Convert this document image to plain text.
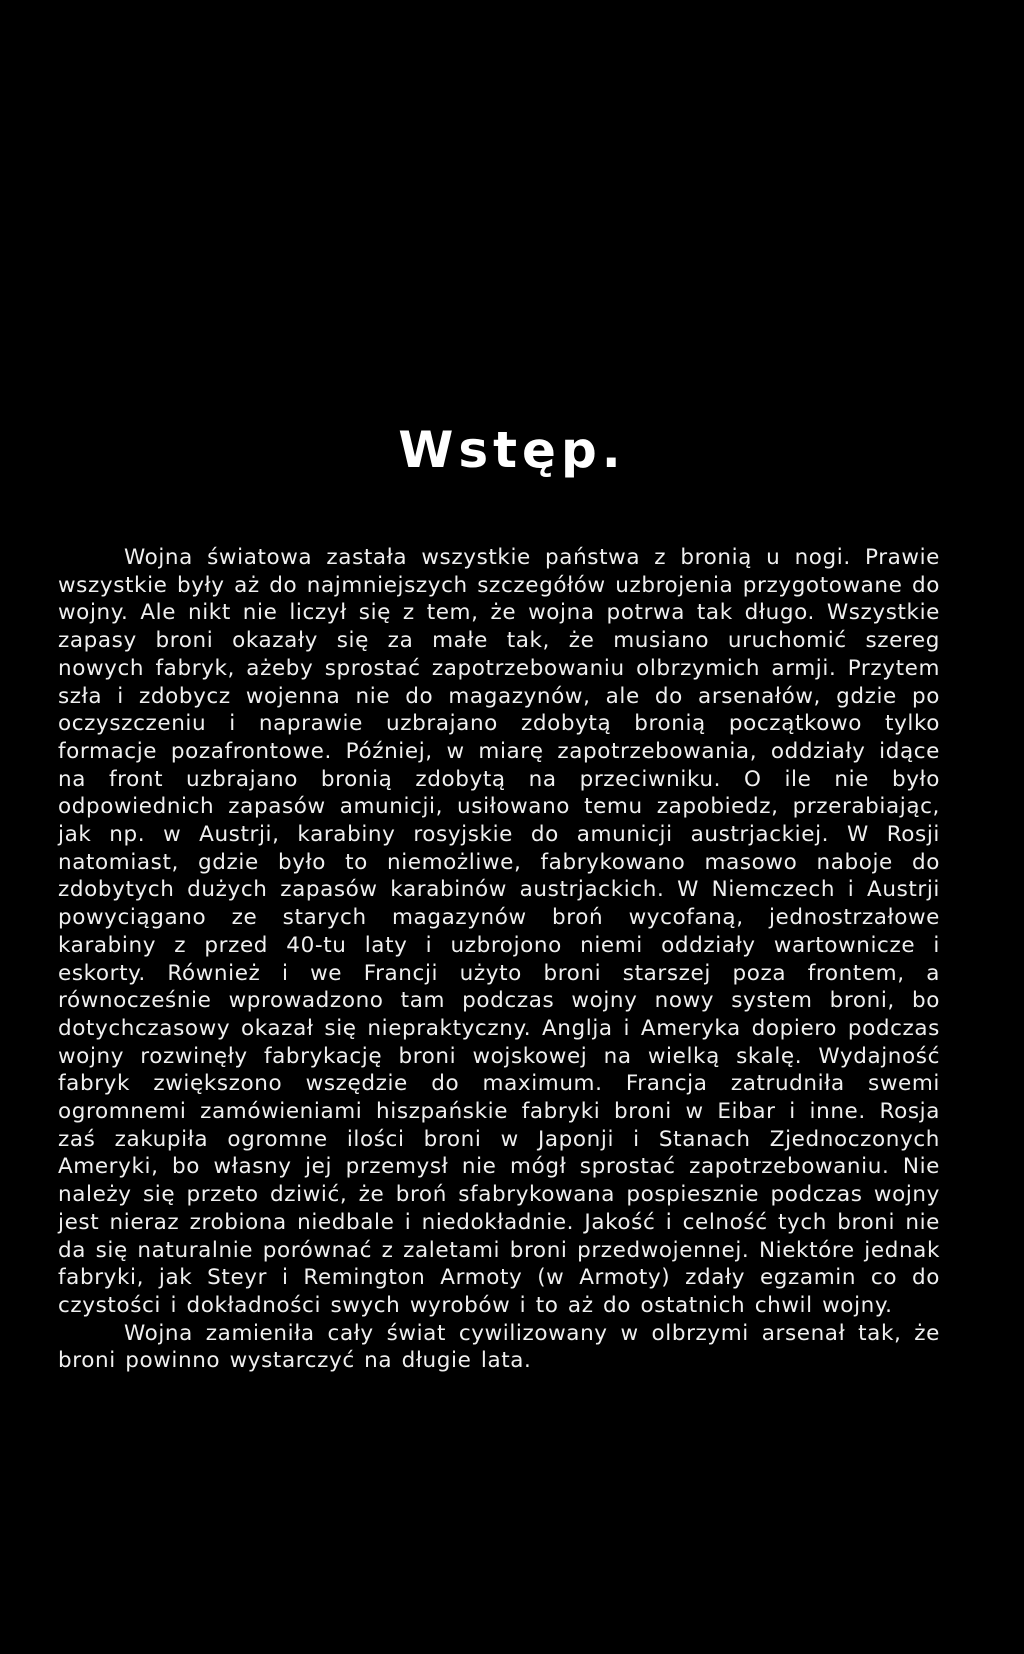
Wstęp.

Wojna światowa zastała wszystkie państwa z bronią u nogi. Prawie wszystkie były aż do najmniejszych szczegółów uzbrojenia przygotowane do wojny. Ale nikt nie liczył się z tem, że wojna potrwa tak długo. Wszystkie zapasy broni okazały się za małe tak, że musiano uruchomić szereg nowych fabryk, ażeby sprostać zapotrzebowaniu olbrzymich armji. Przytem szła i zdobycz wojenna nie do magazynów, ale do arsenałów, gdzie po oczyszczeniu i naprawie uzbrajano zdobytą bronią początkowo tylko formacje pozafrontowe. Później, w miarę zapotrzebowania, oddziały idące na front uzbrajano bronią zdobytą na przeciwniku. O ile nie było odpowiednich zapasów amunicji, usiłowano temu zapobiedz, przerabiając, jak np. w Austrji, karabiny rosyjskie do amunicji austrjackiej. W Rosji natomiast, gdzie było to niemożliwe, fabrykowano masowo naboje do zdobytych dużych zapasów karabinów austrjackich. W Niemczech i Austrji powyciągano ze starych magazynów broń wycofaną, jednostrzałowe karabiny z przed 40-tu laty i uzbrojono niemi oddziały wartownicze i eskorty. Również i we Francji użyto broni starszej poza frontem, a równocześnie wprowadzono tam podczas wojny nowy system broni, bo dotychczasowy okazał się niepraktyczny. Anglja i Ameryka dopiero podczas wojny rozwinęły fabrykację broni wojskowej na wielką skalę. Wydajność fabryk zwiększono wszędzie do maximum. Francja zatrudniła swemi ogromnemi zamówieniami hiszpańskie fabryki broni w Eibar i inne. Rosja zaś zakupiła ogromne ilości broni w Japonji i Stanach Zjednoczonych Ameryki, bo własny jej przemysł nie mógł sprostać zapotrzebowaniu. Nie należy się przeto dziwić, że broń sfabrykowana pospiesznie podczas wojny jest nieraz zrobiona niedbale i niedokładnie. Jakość i celność tych broni nie da się naturalnie porównać z zaletami broni przedwojennej. Niektóre jednak fabryki, jak Steyr i Remington Armoty (w Armoty) zdały egzamin co do czystości i dokładności swych wyrobów i to aż do ostatnich chwil wojny.

Wojna zamieniła cały świat cywilizowany w olbrzymi arsenał tak, że broni powinno wystarczyć na długie lata.
